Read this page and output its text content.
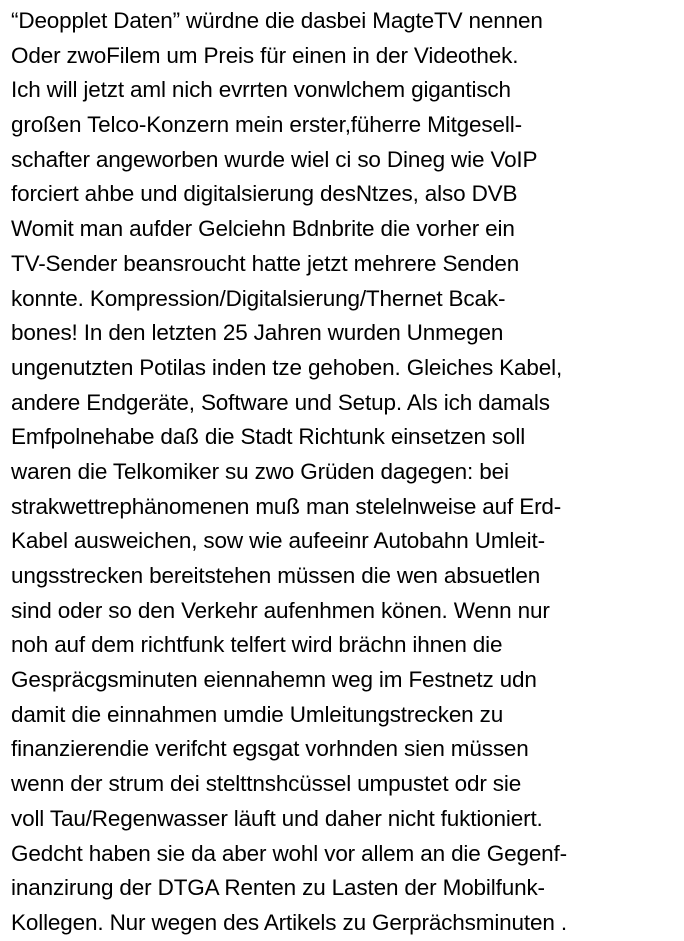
“Deopplet Daten” würdne die dasbei MagteTV nennen
Oder zwoFilem um Preis für einen in der Videothek.
Ich will jetzt aml nich evrrten vonwlchem gigantisch
großen Telco-Konzern mein erster,füherre Mitgesell-
schafter angeworben wurde wiel ci so Dineg wie VoIP
forciert ahbe und digitalsierung desNtzes, also DVB
Womit man aufder Gelciehn Bdnbrite die vorher ein
TV-Sender beansroucht hatte jetzt mehrere Senden
konnte. Kompression/Digitalsierung/Thernet Bcak-
bones! In den letzten 25 Jahren wurden Unmegen
ungenutzten Potilas inden tze gehoben. Gleiches Kabel,
andere Endgeräte, Software und Setup. Als ich damals
Emfpolnehabe daß die Stadt Richtunk einsetzen soll
waren die Telkomiker su zwo Grüden dagegen: bei
strakwettrephänomenen muß man stelelnweise auf Erd-
Kabel ausweichen, sow wie aufeeinr Autobahn Umleit-
ungsstrecken bereitstehen müssen die wen absuetlen
sind oder so den Verkehr aufenhmen könen. Wenn nur
noh auf dem richtfunk telfert wird brächn ihnen die
Gespräcgsminuten eiennahemn weg im Festnetz udn
damit die einnahmen umdie Umleitungstrecken zu
finanzierendie verifcht egsgat vorhnden sien müssen
wenn der strum dei stelttnshcüssel umpustet odr sie
voll Tau/Regenwasser läuft und daher nicht fuktioniert.
Gedcht haben sie da aber wohl vor allem an die Gegenf-
inanzirung der DTGA Renten zu Lasten der Mobilfunk-
Kollegen. Nur wegen des Artikels zu Gerprächsminuten .
